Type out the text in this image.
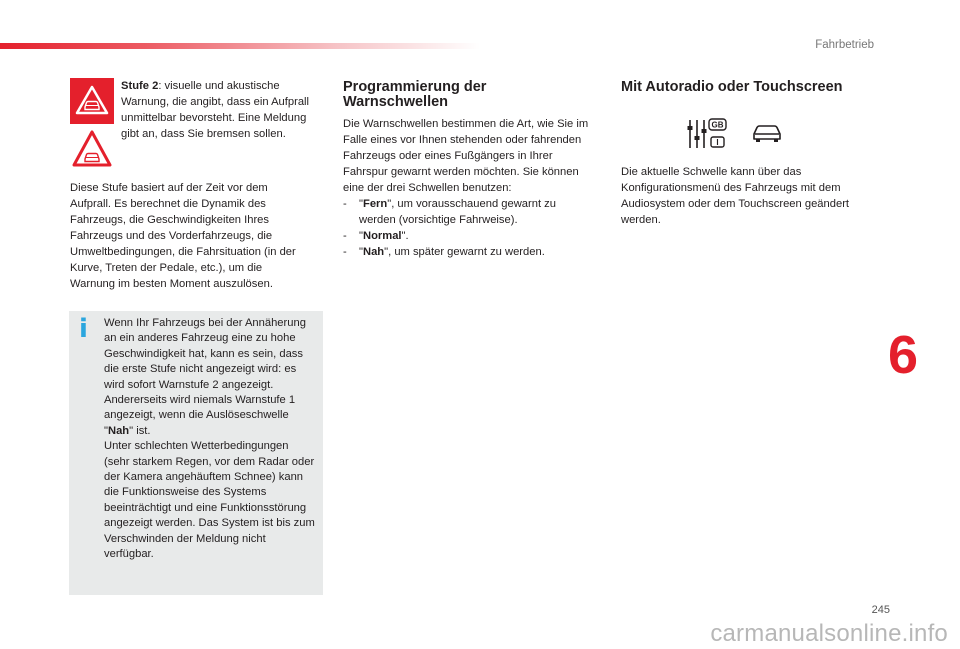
Fahrbetrieb
Stufe 2: visuelle und akustische Warnung, die angibt, dass ein Aufprall unmittelbar bevorsteht. Eine Meldung gibt an, dass Sie bremsen sollen.
Diese Stufe basiert auf der Zeit vor dem Aufprall. Es berechnet die Dynamik des Fahrzeugs, die Geschwindigkeiten Ihres Fahrzeugs und des Vorderfahrzeugs, die Umweltbedingungen, die Fahrsituation (in der Kurve, Treten der Pedale, etc.), um die Warnung im besten Moment auszulösen.
i Wenn Ihr Fahrzeugs bei der Annäherung an ein anderes Fahrzeug eine zu hohe Geschwindigkeit hat, kann es sein, dass die erste Stufe nicht angezeigt wird: es wird sofort Warnstufe 2 angezeigt.
Andererseits wird niemals Warnstufe 1 angezeigt, wenn die Auslöseschwelle "Nah" ist.
Unter schlechten Wetterbedingungen (sehr starkem Regen, vor dem Radar oder der Kamera angehäuftem Schnee) kann die Funktionsweise des Systems beeinträchtigt und eine Funktionsstörung angezeigt werden. Das System ist bis zum Verschwinden der Meldung nicht verfügbar.
Programmierung der Warnschwellen
Die Warnschwellen bestimmen die Art, wie Sie im Falle eines vor Ihnen stehenden oder fahrenden Fahrzeugs oder eines Fußgängers in Ihrer Fahrspur gewarnt werden möchten. Sie können eine der drei Schwellen benutzen:
- "Fern", um vorausschauend gewarnt zu werden (vorsichtige Fahrweise).
- "Normal".
- "Nah", um später gewarnt zu werden.
Mit Autoradio oder Touchscreen
GB
I
Die aktuelle Schwelle kann über das Konfigurationsmenü des Fahrzeugs mit dem Audiosystem oder dem Touchscreen geändert werden.
6
245
carmanualsonline.info
